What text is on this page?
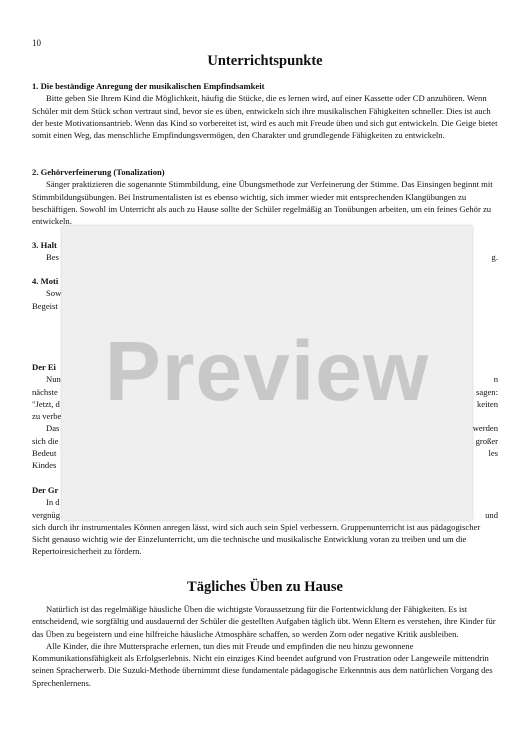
10
Unterrichtspunkte

1. Die beständige Anregung der musikalischen Empfindsamkeit

Bitte geben Sie Ihrem Kind die Möglichkeit, häufig die Stücke, die es lernen wird, auf einer Kassette oder CD anzuhören. Wenn Schüler mit dem Stück schon vertraut sind, bevor sie es üben, entwickeln sich ihre musikalischen Fähigkeiten schneller. Dies ist auch der beste Motivationsantrieb. Wenn das Kind so vorbereitet ist, wird es auch mit Freude üben und sich gut entwickeln. Die Geige bietet somit einen Weg, das menschliche Empfindungsvermögen, den Charakter und grundlegende Fähigkeiten zu entwickeln.

2. Gehörverfeinerung (Tonalization)

Sänger praktizieren die sogenannte Stimmbildung, eine Übungsmethode zur Verfeinerung der Stimme. Das Einsingen beginnt mit Stimmbildungsübungen. Bei Instrumentalisten ist es ebenso wichtig, sich immer wieder mit entsprechenden Klangübungen zu beschäftigen. Sowohl im Unterricht als auch zu Hause sollte der Schüler regelmäßig an Tonübungen arbeiten, um ein feines Gehör zu entwickeln.

3. Halt

Bes	g.

4. Moti

Sow

Begeist

Der Ei

Nun

nächste

"Jetzt, d

zu verbe

Das

sich die

Bedeut

Kindes

n

sagen:

keiten

werden

großer

les

Der Gr

In d

vergnüg	und

sich durch ihr instrumentales Können anregen lässt, wird sich auch sein Spiel verbessern. Gruppenunterricht ist aus pädagogischer Sicht genauso wichtig wie der Einzelunterricht, um die technische und musikalische Entwicklung voran zu treiben und um die Repertoiresicherheit zu fördern.

Tägliches Üben zu Hause

Natürlich ist das regelmäßige häusliche Üben die wichtigste Voraussetzung für die Fortentwicklung der Fähigkeiten. Es ist entscheidend, wie sorgfältig und ausdauernd der Schüler die gestellten Aufgaben täglich übt. Wenn Eltern es verstehen, ihre Kinder für das Üben zu begeistern und eine hilfreiche häusliche Atmosphäre schaffen, so werden Zorn oder negative Kritik ausbleiben.

Alle Kinder, die ihre Muttersprache erlernen, tun dies mit Freude und empfinden die neu hinzu gewonnene Kommunikationsfähigkeit als Erfolgserlebnis. Nicht ein einziges Kind beendet aufgrund von Frustration oder Langeweile mittendrin seinen Spracherwerb. Die Suzuki-Methode übernimmt diese fundamentale pädagogische Erkenntnis aus dem natürlichen Vorgang des Sprechenlernens.

Preview
